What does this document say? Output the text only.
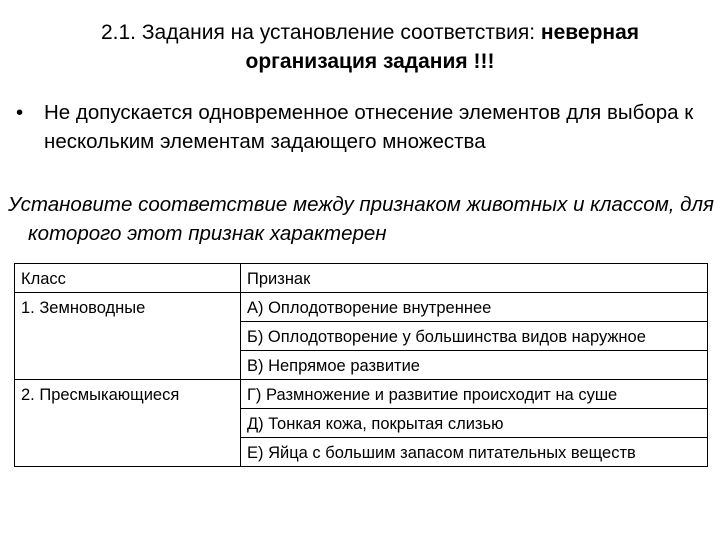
2.1. Задания на установление соответствия: неверная
организация задания !!!
•	Не допускается одновременное отнесение элементов для выбора к нескольким элементам задающего множества
Установите соответствие между признаком животных и классом, для которого этот признак характерен
Класс	Признак
1. Земноводные	А) Оплодотворение внутреннее
	Б) Оплодотворение у большинства видов наружное
	В) Непрямое развитие
2. Пресмыкающиеся	Г) Размножение и развитие происходит на суше
	Д) Тонкая кожа, покрытая слизью
	Е) Яйца с большим запасом питательных веществ
